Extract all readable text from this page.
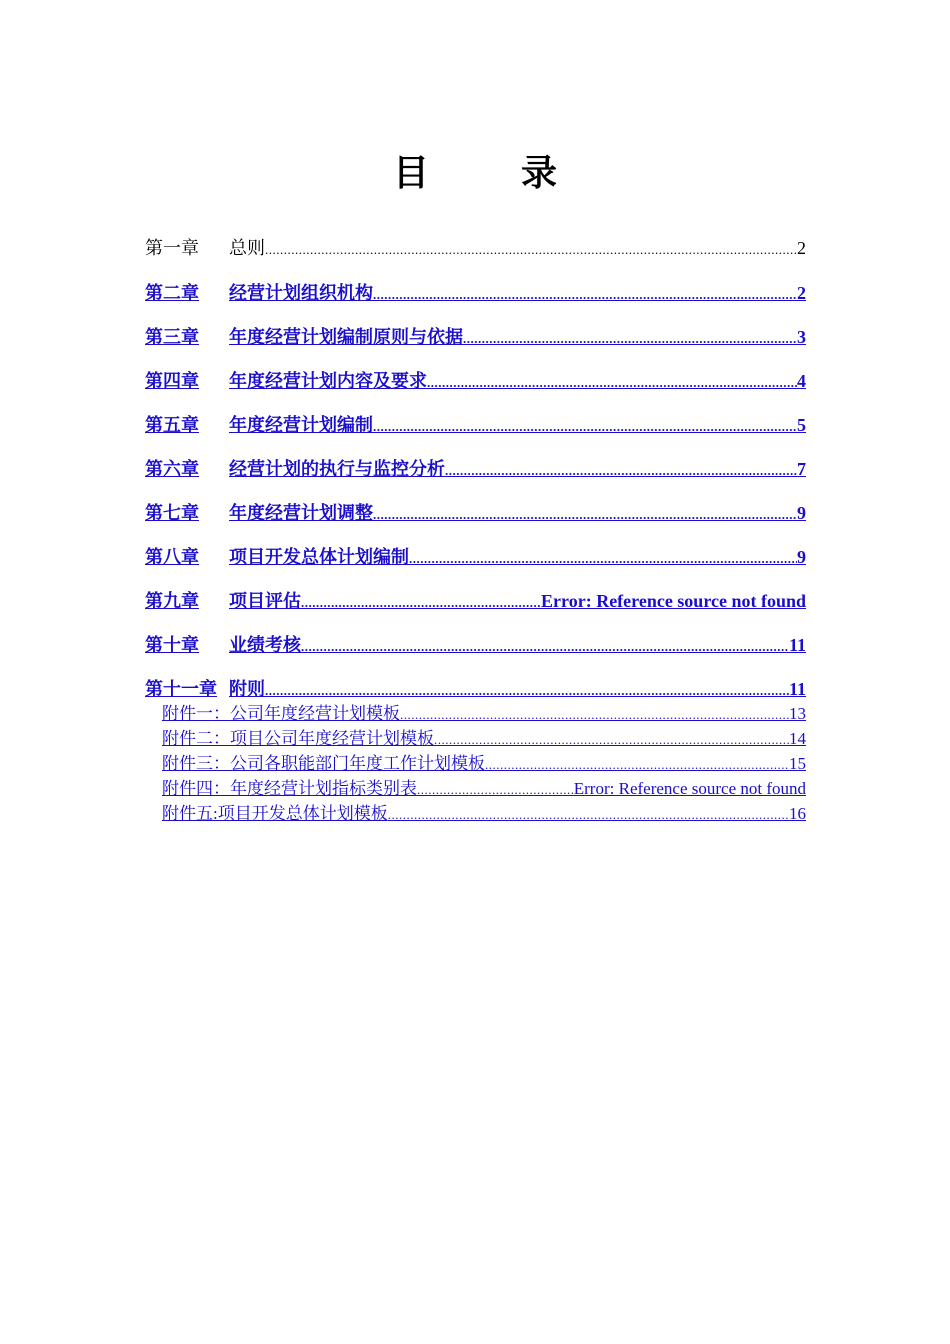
目　录
第一章	总则 .....	2
第二章	经营计划组织机构 .....	2
第三章	年度经营计划编制原则与依据 .....	3
第四章	年度经营计划内容及要求 .....	4
第五章	年度经营计划编制 .....	5
第六章	经营计划的执行与监控分析 .....	7
第七章	年度经营计划调整 .....	9
第八章	项目开发总体计划编制 .....	9
第九章	项目评估 .....	Error: Reference source not found
第十章	业绩考核 .....	11
第十一章 附则 .....	11
附件一：公司年度经营计划模板 .....	13
附件二：项目公司年度经营计划模板 .....	14
附件三：公司各职能部门年度工作计划模板 .....	15
附件四：年度经营计划指标类别表 .....	Error: Reference source not found
附件五:项目开发总体计划模板 .....	16
